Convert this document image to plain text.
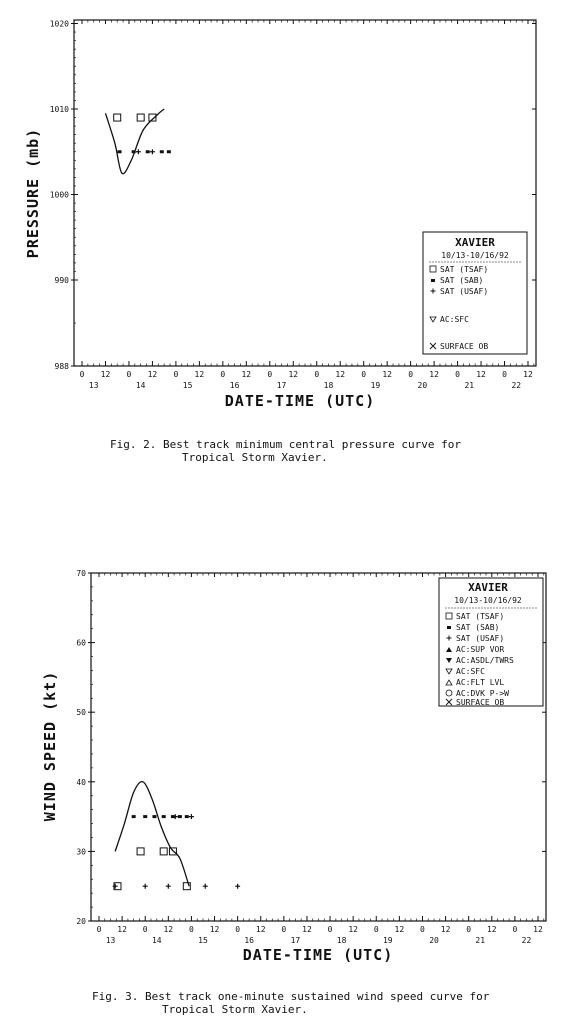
988
990
1000
1010
1020
0 12 0 12 0 12 0 12 0 12 0 12 0 12 0 12 0 12 0 12
13	14	15	16	17	18	19	20	21	22
PRESSURE (mb)
DATE-TIME (UTC)
XAVIER
10/13-10/16/92
SAT (TSAF)
SAT (SAB)
SAT (USAF)
AC:SFC
SURFACE OB
Fig. 2. Best track minimum central pressure curve for
Tropical Storm Xavier.
20
30
40
50
60
70
0 12 0 12 0 12 0 12 0 12 0 12 0 12 0 12 0 12 0 12
13	14	15	16	17	18	19	20	21	22
WIND SPEED (kt)
DATE-TIME (UTC)
XAVIER
10/13-10/16/92
SAT (TSAF)
SAT (SAB)
SAT (USAF)
AC:SUP VOR
AC:ASDL/TWRS
AC:SFC
AC:FLT LVL
AC:DVK P->W
SURFACE OB
Fig. 3. Best track one-minute sustained wind speed curve for
Tropical Storm Xavier.
